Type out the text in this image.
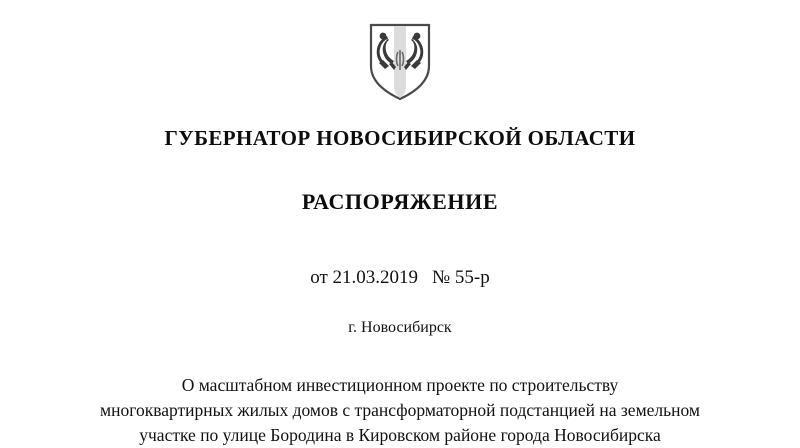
ГУБЕРНАТОР НОВОСИБИРСКОЙ ОБЛАСТИ
РАСПОРЯЖЕНИЕ
от 21.03.2019 № 55-р
г. Новосибирск
О масштабном инвестиционном проекте по строительству
многоквартирных жилых домов с трансформаторной подстанцией на земельном
участке по улице Бородина в Кировском районе города Новосибирска
